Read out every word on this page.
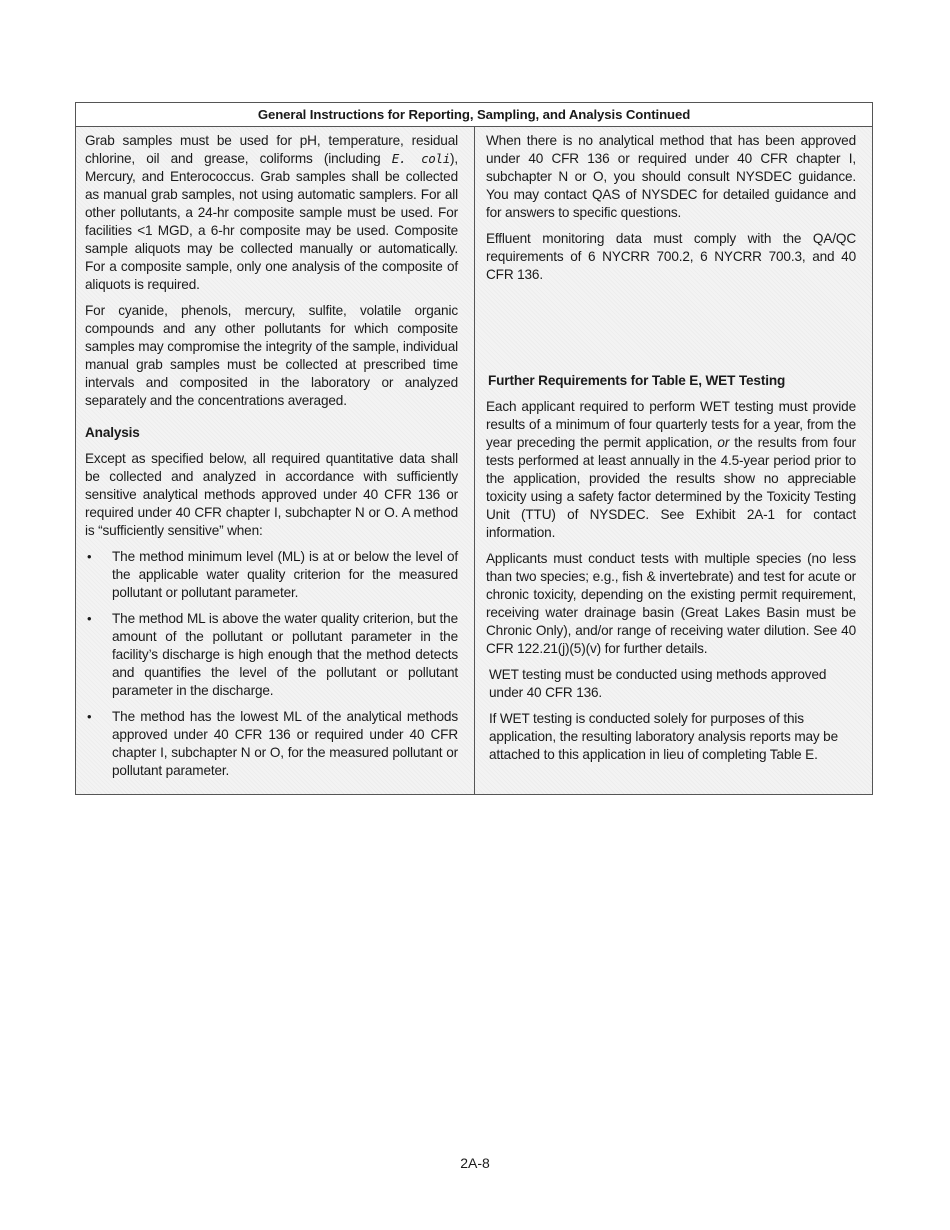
General Instructions for Reporting, Sampling, and Analysis Continued

Grab samples must be used for pH, temperature, residual chlorine, oil and grease, coliforms (including E. coli), Mercury, and Enterococcus. Grab samples shall be collected as manual grab samples, not using automatic samplers. For all other pollutants, a 24-hr composite sample must be used. For facilities <1 MGD, a 6-hr composite may be used. Composite sample aliquots may be collected manually or automatically. For a composite sample, only one analysis of the composite of aliquots is required.

For cyanide, phenols, mercury, sulfite, volatile organic compounds and any other pollutants for which composite samples may compromise the integrity of the sample, individual manual grab samples must be collected at prescribed time intervals and composited in the laboratory or analyzed separately and the concentrations averaged.

Analysis

Except as specified below, all required quantitative data shall be collected and analyzed in accordance with sufficiently sensitive analytical methods approved under 40 CFR 136 or required under 40 CFR chapter I, subchapter N or O. A method is “sufficiently sensitive” when:

• The method minimum level (ML) is at or below the level of the applicable water quality criterion for the measured pollutant or pollutant parameter.
• The method ML is above the water quality criterion, but the amount of the pollutant or pollutant parameter in the facility’s discharge is high enough that the method detects and quantifies the level of the pollutant or pollutant parameter in the discharge.
• The method has the lowest ML of the analytical methods approved under 40 CFR 136 or required under 40 CFR chapter I, subchapter N or O, for the measured pollutant or pollutant parameter.

When there is no analytical method that has been approved under 40 CFR 136 or required under 40 CFR chapter I, subchapter N or O, you should consult NYSDEC guidance. You may contact QAS of NYSDEC for detailed guidance and for answers to specific questions.

Effluent monitoring data must comply with the QA/QC requirements of 6 NYCRR 700.2, 6 NYCRR 700.3, and 40 CFR 136.

Further Requirements for Table E, WET Testing

Each applicant required to perform WET testing must provide results of a minimum of four quarterly tests for a year, from the year preceding the permit application, or the results from four tests performed at least annually in the 4.5-year period prior to the application, provided the results show no appreciable toxicity using a safety factor determined by the Toxicity Testing Unit (TTU) of NYSDEC. See Exhibit 2A-1 for contact information.

Applicants must conduct tests with multiple species (no less than two species; e.g., fish & invertebrate) and test for acute or chronic toxicity, depending on the existing permit requirement, receiving water drainage basin (Great Lakes Basin must be Chronic Only), and/or range of receiving water dilution. See 40 CFR 122.21(j)(5)(v) for further details.

WET testing must be conducted using methods approved under 40 CFR 136.

If WET testing is conducted solely for purposes of this application, the resulting laboratory analysis reports may be attached to this application in lieu of completing Table E.

2A-8
